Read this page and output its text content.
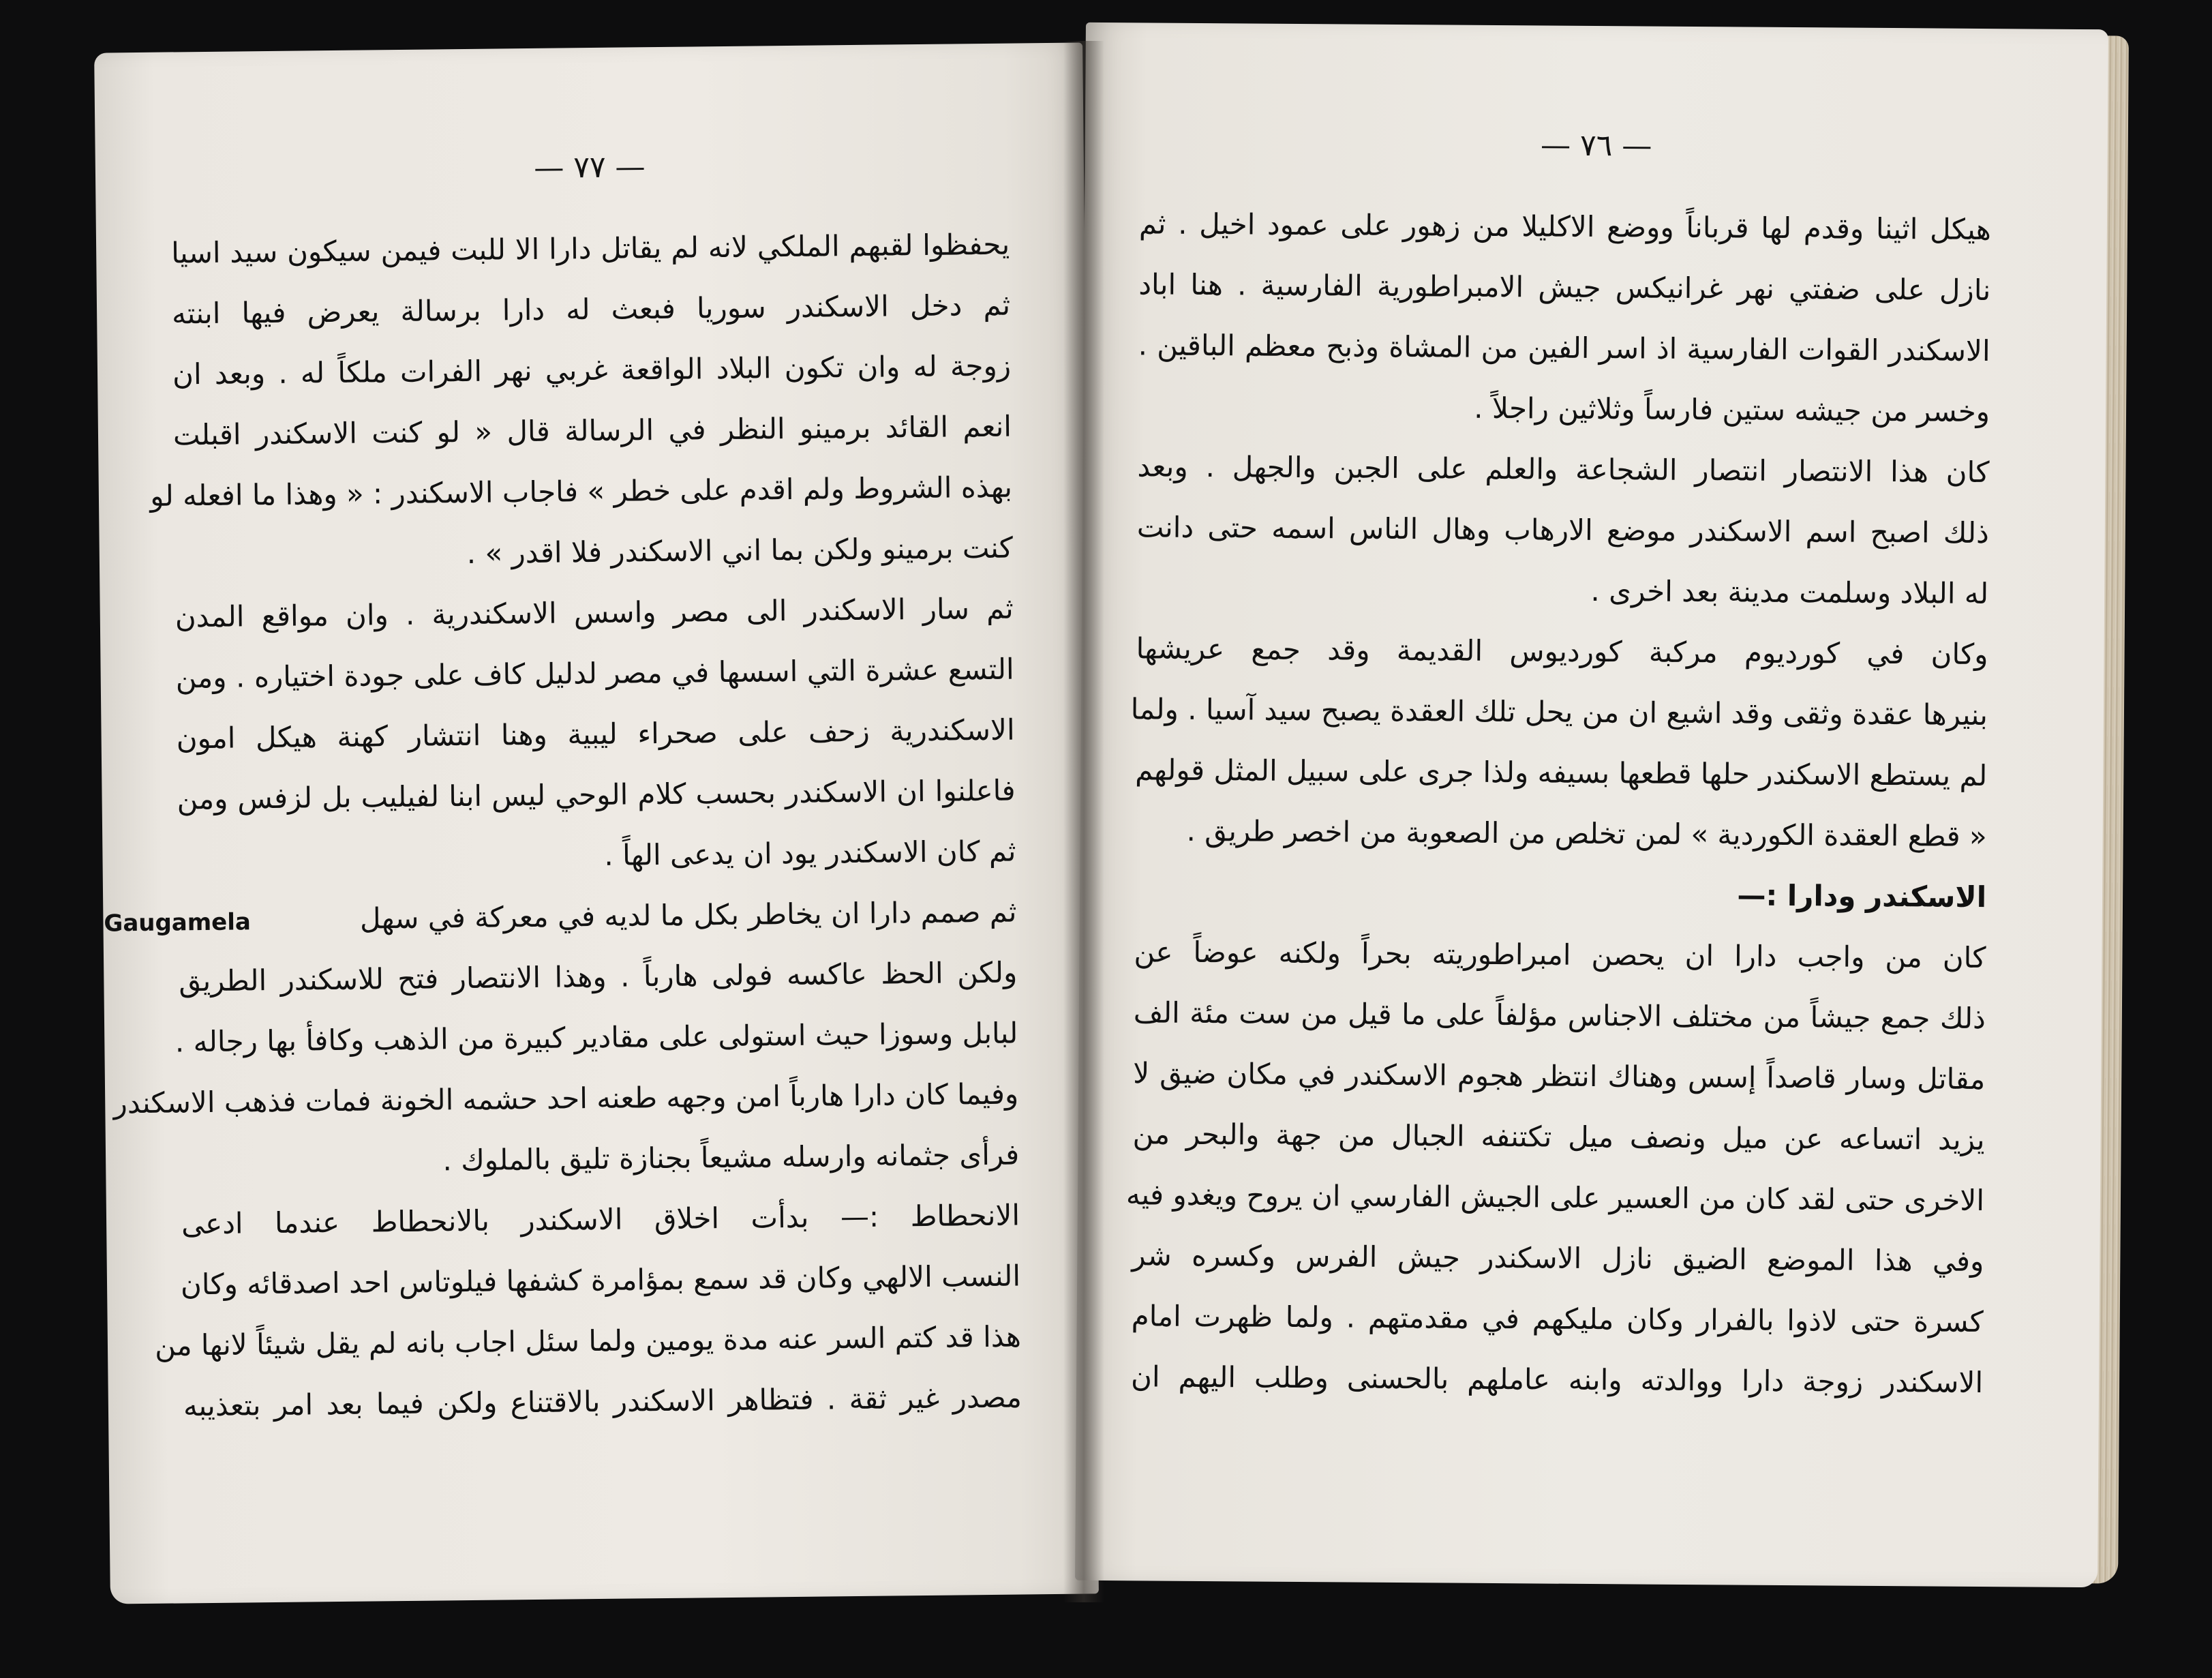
— ٧٧ —
يحفظوا لقبهم الملكي لانه لم يقاتل دارا الا للبت فيمن سيكون سيد اسيا
ثم دخل الاسكندر سوريا فبعث له دارا برسالة يعرض فيها ابنته
زوجة له وان تكون البلاد الواقعة غربي نهر الفرات ملكاً له . وبعد ان
انعم القائد برمينو النظر في الرسالة قال « لو كنت الاسكندر اقبلت
بهذه الشروط ولم اقدم على خطر » فاجاب الاسكندر : « وهذا ما افعله لو
كنت برمينو ولكن بما اني الاسكندر فلا اقدر » .
ثم سار الاسكندر الى مصر واسس الاسكندرية . وان مواقع المدن
التسع عشرة التي اسسها في مصر لدليل كاف على جودة اختياره . ومن
الاسكندرية زحف على صحراء ليبية وهنا انتشار كهنة هيكل امون
فاعلنوا ان الاسكندر بحسب كلام الوحي ليس ابنا لفيليب بل لزفس ومن
ثم كان الاسكندر يود ان يدعى الهاً .
ثم صمم دارا ان يخاطر بكل ما لديه في معركة في سهل            Gaugamela
ولكن الحظ عاكسه فولى هارباً . وهذا الانتصار فتح للاسكندر الطريق
لبابل وسوزا حيث استولى على مقادير كبيرة من الذهب وكافأ بها رجاله .
وفيما كان دارا هارباً امن وجهه طعنه احد حشمه الخونة فمات فذهب الاسكندر
فرأى جثمانه وارسله مشيعاً بجنازة تليق بالملوك .
الانحطاط :— بدأت اخلاق الاسكندر بالانحطاط عندما ادعى
النسب الالهي وكان قد سمع بمؤامرة كشفها فيلوتاس احد اصدقائه وكان
هذا قد كتم السر عنه مدة يومين ولما سئل اجاب بانه لم يقل شيئاً لانها من
مصدر غير ثقة . فتظاهر الاسكندر بالاقتناع ولكن فيما بعد امر بتعذيبه
— ٧٦ —
هيكل اثينا وقدم لها قرباناً ووضع الاكليلا من زهور على عمود اخيل . ثم
نازل على ضفتي نهر غرانيكس جيش الامبراطورية الفارسية . هنا اباد
الاسكندر القوات الفارسية اذ اسر الفين من المشاة وذبح معظم الباقين .
وخسر من جيشه ستين فارساً وثلاثين راجلاً .
كان هذا الانتصار انتصار الشجاعة والعلم على الجبن والجهل . وبعد
ذلك اصبح اسم الاسكندر موضع الارهاب وهال الناس اسمه حتى دانت
له البلاد وسلمت مدينة بعد اخرى .
وكان في كورديوم مركبة كورديوس القديمة وقد جمع عريشها
بنيرها عقدة وثقى وقد اشيع ان من يحل تلك العقدة يصبح سيد آسيا . ولما
لم يستطع الاسكندر حلها قطعها بسيفه ولذا جرى على سبيل المثل قولهم
« قطع العقدة الكوردية » لمن تخلص من الصعوبة من اخصر طريق .
الاسكندر ودارا :—
كان من واجب دارا ان يحصن امبراطوريته بحراً ولكنه عوضاً عن
ذلك جمع جيشاً من مختلف الاجناس مؤلفاً على ما قيل من ست مئة الف
مقاتل وسار قاصداً إسس وهناك انتظر هجوم الاسكندر في مكان ضيق لا
يزيد اتساعه عن ميل ونصف ميل تكتنفه الجبال من جهة والبحر من
الاخرى حتى لقد كان من العسير على الجيش الفارسي ان يروح ويغدو فيه
وفي هذا الموضع الضيق نازل الاسكندر جيش الفرس وكسره شر
كسرة حتى لاذوا بالفرار وكان مليكهم في مقدمتهم . ولما ظهرت امام
الاسكندر زوجة دارا ووالدته وابنه عاملهم بالحسنى وطلب اليهم ان
